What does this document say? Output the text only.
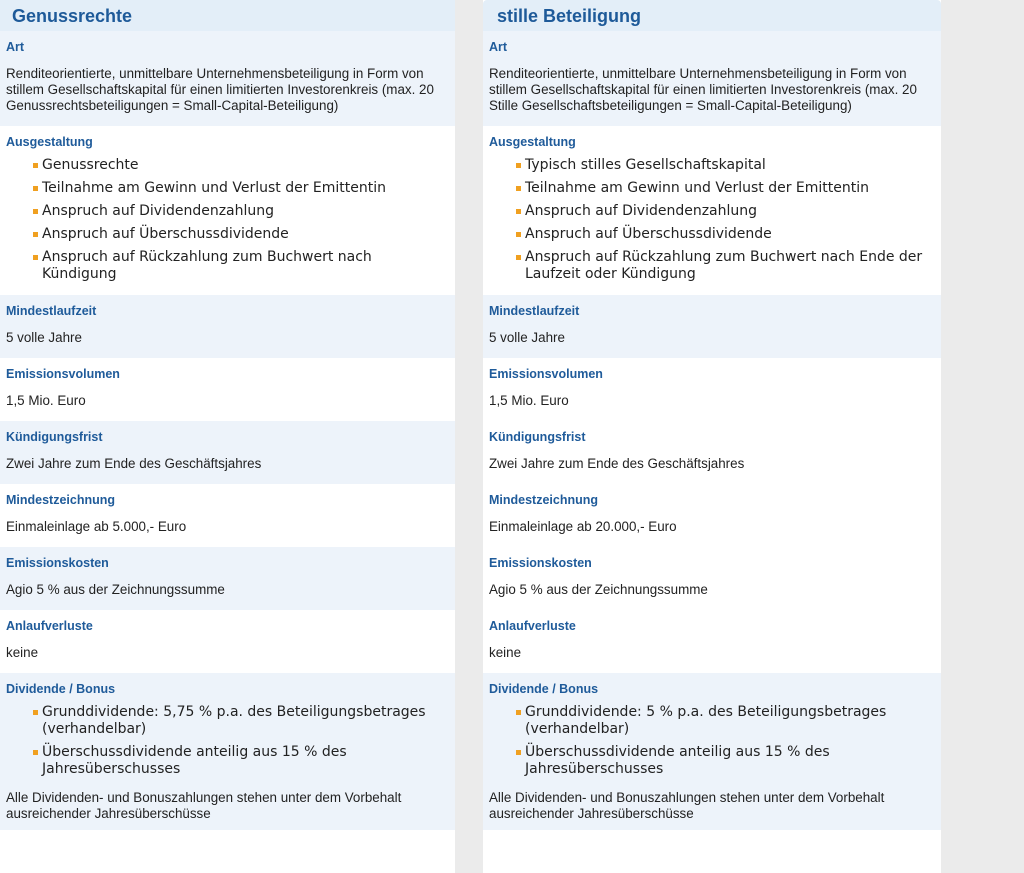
Genussrechte
Art
Renditeorientierte, unmittelbare Unternehmensbeteiligung in Form von stillem Gesellschaftskapital für einen limitierten Investorenkreis (max. 20 Genussrechtsbeteiligungen = Small-Capital-Beteiligung)
Ausgestaltung
Genussrechte
Teilnahme am Gewinn und Verlust der Emittentin
Anspruch auf Dividendenzahlung
Anspruch auf Überschussdividende
Anspruch auf Rückzahlung zum Buchwert nach Kündigung
Mindestlaufzeit
5 volle Jahre
Emissionsvolumen
1,5 Mio. Euro
Kündigungsfrist
Zwei Jahre zum Ende des Geschäftsjahres
Mindestzeichnung
Einmaleinlage ab 5.000,- Euro
Emissionskosten
Agio 5 % aus der Zeichnungssumme
Anlaufverluste
keine
Dividende / Bonus
Grunddividende: 5,75 % p.a. des Beteiligungsbetrages (verhandelbar)
Überschussdividende anteilig aus 15 % des Jahresüberschusses
Alle Dividenden- und Bonuszahlungen stehen unter dem Vorbehalt ausreichender Jahresüberschüsse
stille Beteiligung
Art
Renditeorientierte, unmittelbare Unternehmensbeteiligung in Form von stillem Gesellschaftskapital für einen limitierten Investorenkreis (max. 20 Stille Gesellschaftsbeteiligungen = Small-Capital-Beteiligung)
Ausgestaltung
Typisch stilles Gesellschaftskapital
Teilnahme am Gewinn und Verlust der Emittentin
Anspruch auf Dividendenzahlung
Anspruch auf Überschussdividende
Anspruch auf Rückzahlung zum Buchwert nach Ende der Laufzeit oder Kündigung
Mindestlaufzeit
5 volle Jahre
Emissionsvolumen
1,5 Mio. Euro
Kündigungsfrist
Zwei Jahre zum Ende des Geschäftsjahres
Mindestzeichnung
Einmaleinlage ab 20.000,- Euro
Emissionskosten
Agio 5 % aus der Zeichnungssumme
Anlaufverluste
keine
Dividende / Bonus
Grunddividende: 5 % p.a. des Beteiligungsbetrages (verhandelbar)
Überschussdividende anteilig aus 15 % des Jahresüberschusses
Alle Dividenden- und Bonuszahlungen stehen unter dem Vorbehalt ausreichender Jahresüberschüsse
